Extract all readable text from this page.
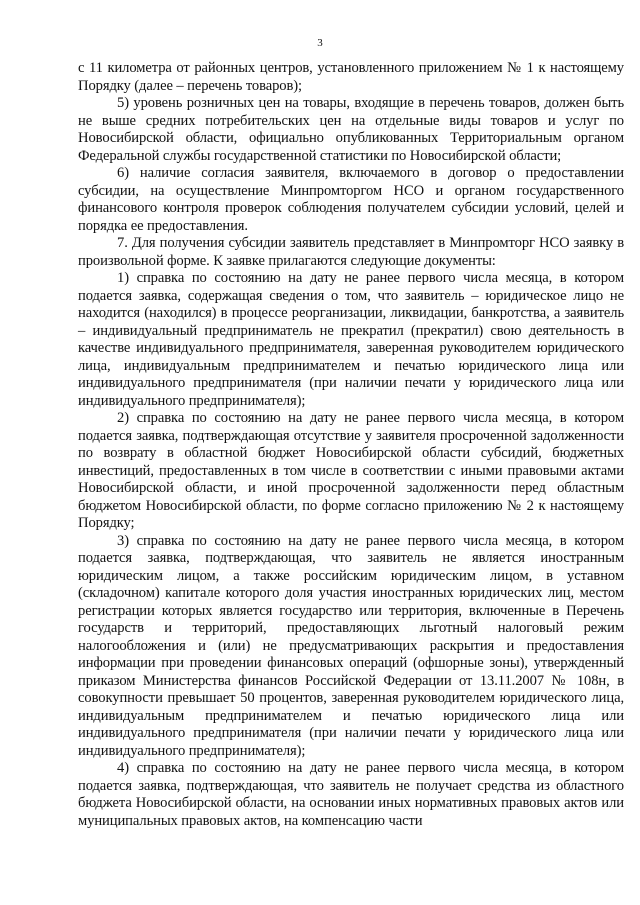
3

с 11 километра от районных центров, установленного приложением № 1 к настоящему Порядку (далее – перечень товаров);

5) уровень розничных цен на товары, входящие в перечень товаров, должен быть не выше средних потребительских цен на отдельные виды товаров и услуг по Новосибирской области, официально опубликованных Территориальным органом Федеральной службы государственной статистики по Новосибирской области;

6) наличие согласия заявителя, включаемого в договор о предоставлении субсидии, на осуществление Минпромторгом НСО и органом государственного финансового контроля проверок соблюдения получателем субсидии условий, целей и порядка ее предоставления.

7. Для получения субсидии заявитель представляет в Минпромторг НСО заявку в произвольной форме. К заявке прилагаются следующие документы:

1) справка по состоянию на дату не ранее первого числа месяца, в котором подается заявка, содержащая сведения о том, что заявитель – юридическое лицо не находится (находился) в процессе реорганизации, ликвидации, банкротства, а заявитель – индивидуальный предприниматель не прекратил (прекратил) свою деятельность в качестве индивидуального предпринимателя, заверенная руководителем юридического лица, индивидуальным предпринимателем и печатью юридического лица или индивидуального предпринимателя (при наличии печати у юридического лица или индивидуального предпринимателя);

2) справка по состоянию на дату не ранее первого числа месяца, в котором подается заявка, подтверждающая отсутствие у заявителя просроченной задолженности по возврату в областной бюджет Новосибирской области субсидий, бюджетных инвестиций, предоставленных в том числе в соответствии с иными правовыми актами Новосибирской области, и иной просроченной задолженности перед областным бюджетом Новосибирской области, по форме согласно приложению № 2 к настоящему Порядку;

3) справка по состоянию на дату не ранее первого числа месяца, в котором подается заявка, подтверждающая, что заявитель не является иностранным юридическим лицом, а также российским юридическим лицом, в уставном (складочном) капитале которого доля участия иностранных юридических лиц, местом регистрации которых является государство или территория, включенные в Перечень государств и территорий, предоставляющих льготный налоговый режим налогообложения и (или) не предусматривающих раскрытия и предоставления информации при проведении финансовых операций (офшорные зоны), утвержденный приказом Министерства финансов Российской Федерации от 13.11.2007 № 108н, в совокупности превышает 50 процентов, заверенная руководителем юридического лица, индивидуальным предпринимателем и печатью юридического лица или индивидуального предпринимателя (при наличии печати у юридического лица или индивидуального предпринимателя);

4) справка по состоянию на дату не ранее первого числа месяца, в котором подается заявка, подтверждающая, что заявитель не получает средства из областного бюджета Новосибирской области, на основании иных нормативных правовых актов или муниципальных правовых актов, на компенсацию части
